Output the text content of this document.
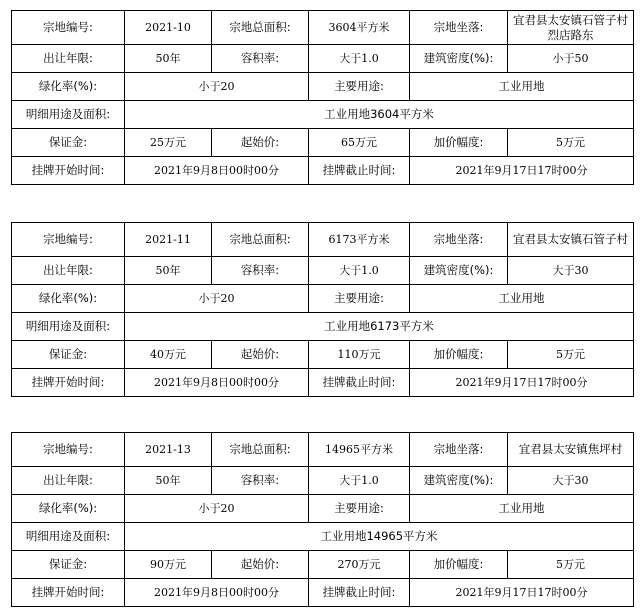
宗地编号:	2021-10	宗地总面积:	3604平方米	宗地坐落:	宜君县太安镇石管子村烈店路东
出让年限:	50年	容积率:	大于1.0	建筑密度(%):	小于50
绿化率(%):	小于20		主要用途:	工业用地	
明细用途及面积:	工业用地3604平方米				
保证金:	25万元	起始价:	65万元	加价幅度:	5万元
挂牌开始时间:	2021年9月8日00时00分		挂牌截止时间:	2021年9月17日17时00分	
宗地编号:	2021-11	宗地总面积:	6173平方米	宗地坐落:	宜君县太安镇石管子村
出让年限:	50年	容积率:	大于1.0	建筑密度(%):	大于30
绿化率(%):	小于20		主要用途:	工业用地	
明细用途及面积:	工业用地6173平方米				
保证金:	40万元	起始价:	110万元	加价幅度:	5万元
挂牌开始时间:	2021年9月8日00时00分		挂牌截止时间:	2021年9月17日17时00分	
宗地编号:	2021-13	宗地总面积:	14965平方米	宗地坐落:	宜君县太安镇焦坪村
出让年限:	50年	容积率:	大于1.0	建筑密度(%):	大于30
绿化率(%):	小于20		主要用途:	工业用地	
明细用途及面积:	工业用地14965平方米				
保证金:	90万元	起始价:	270万元	加价幅度:	5万元
挂牌开始时间:	2021年9月8日00时00分		挂牌截止时间:	2021年9月17日17时00分	
